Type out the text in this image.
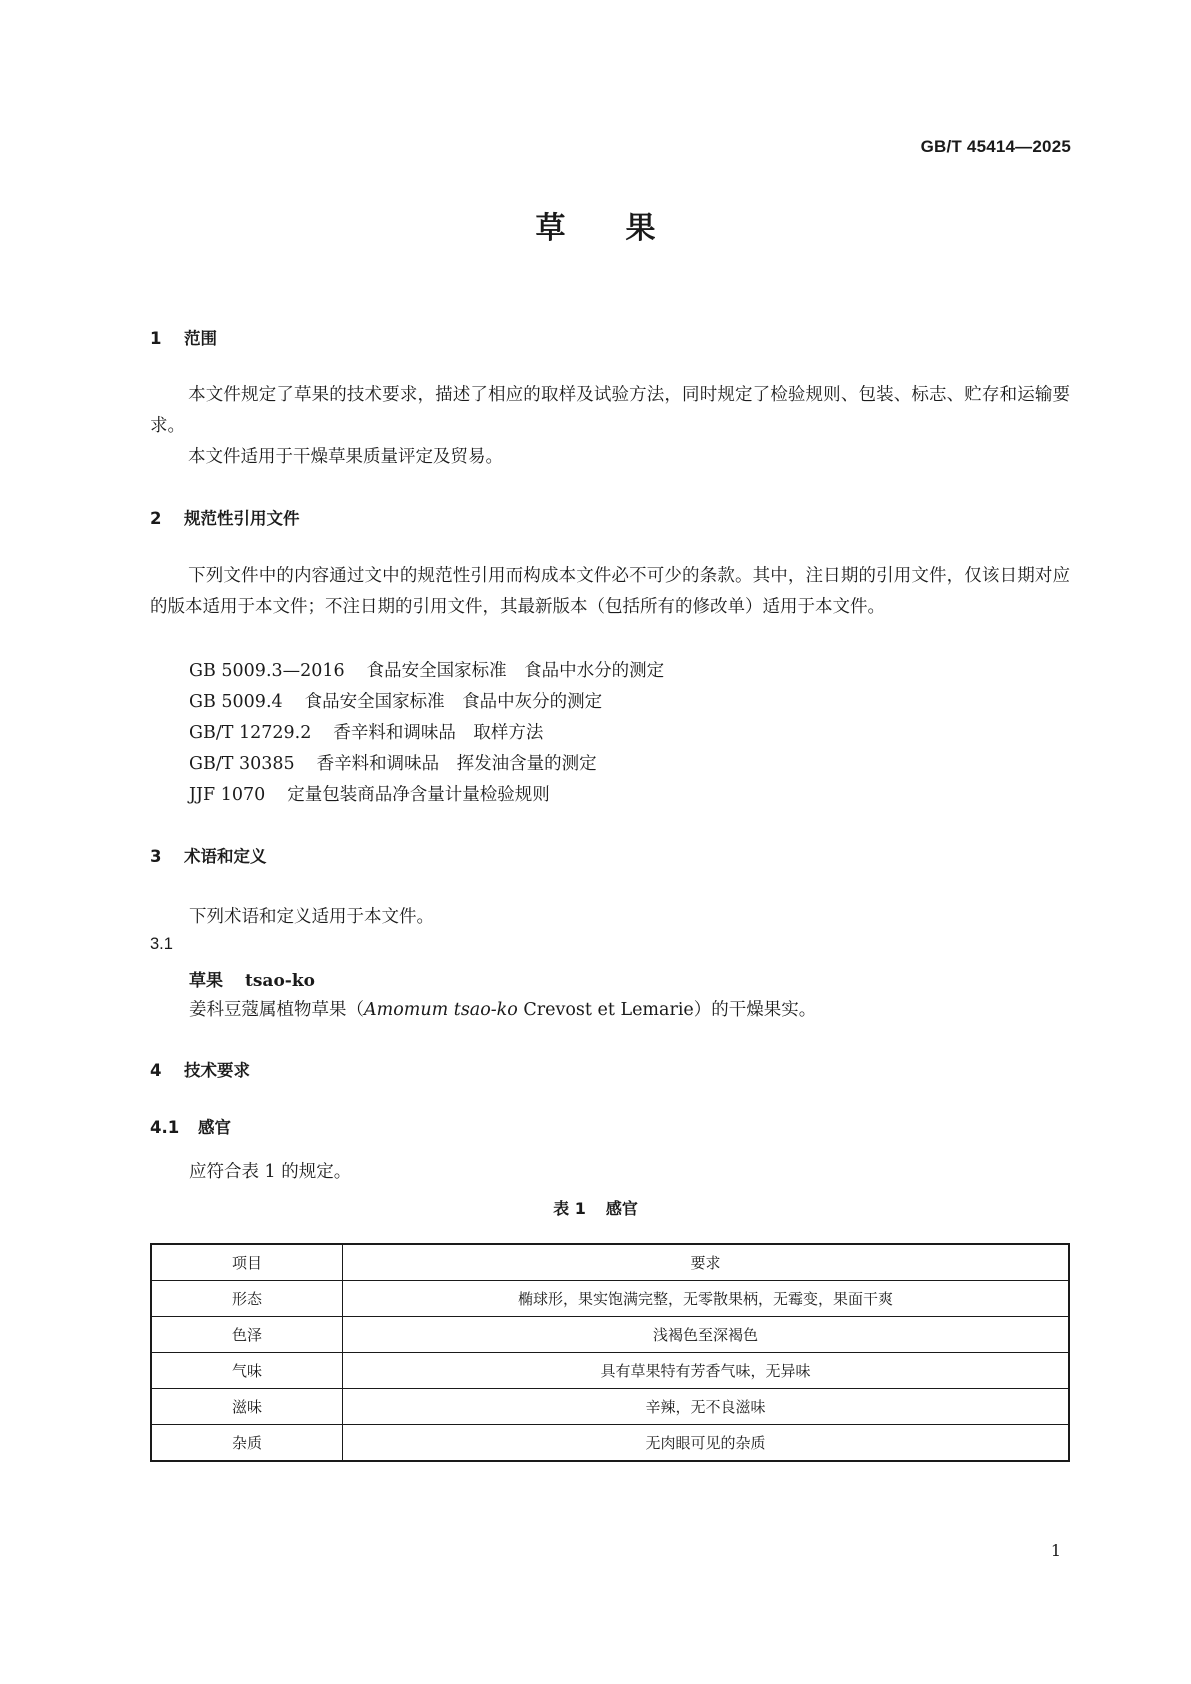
GB/T 45414—2025
草 果
1 范围
本文件规定了草果的技术要求，描述了相应的取样及试验方法，同时规定了检验规则、包装、标志、贮存和运输要求。
本文件适用于干燥草果质量评定及贸易。
2 规范性引用文件
下列文件中的内容通过文中的规范性引用而构成本文件必不可少的条款。其中，注日期的引用文件，仅该日期对应的版本适用于本文件；不注日期的引用文件，其最新版本（包括所有的修改单）适用于本文件。
GB 5009.3—2016 食品安全国家标准　食品中水分的测定
GB 5009.4 食品安全国家标准　食品中灰分的测定
GB/T 12729.2 香辛料和调味品　取样方法
GB/T 30385 香辛料和调味品　挥发油含量的测定
JJF 1070 定量包装商品净含量计量检验规则
3 术语和定义
下列术语和定义适用于本文件。
3.1
草果 tsao-ko
姜科豆蔻属植物草果（Amomum tsao-ko Crevost et Lemarie）的干燥果实。
4 技术要求
4.1 感官
应符合表 1 的规定。
表 1 感官
项目	要求
形态	椭球形，果实饱满完整，无零散果柄，无霉变，果面干爽
色泽	浅褐色至深褐色
气味	具有草果特有芳香气味，无异味
滋味	辛辣，无不良滋味
杂质	无肉眼可见的杂质
1
